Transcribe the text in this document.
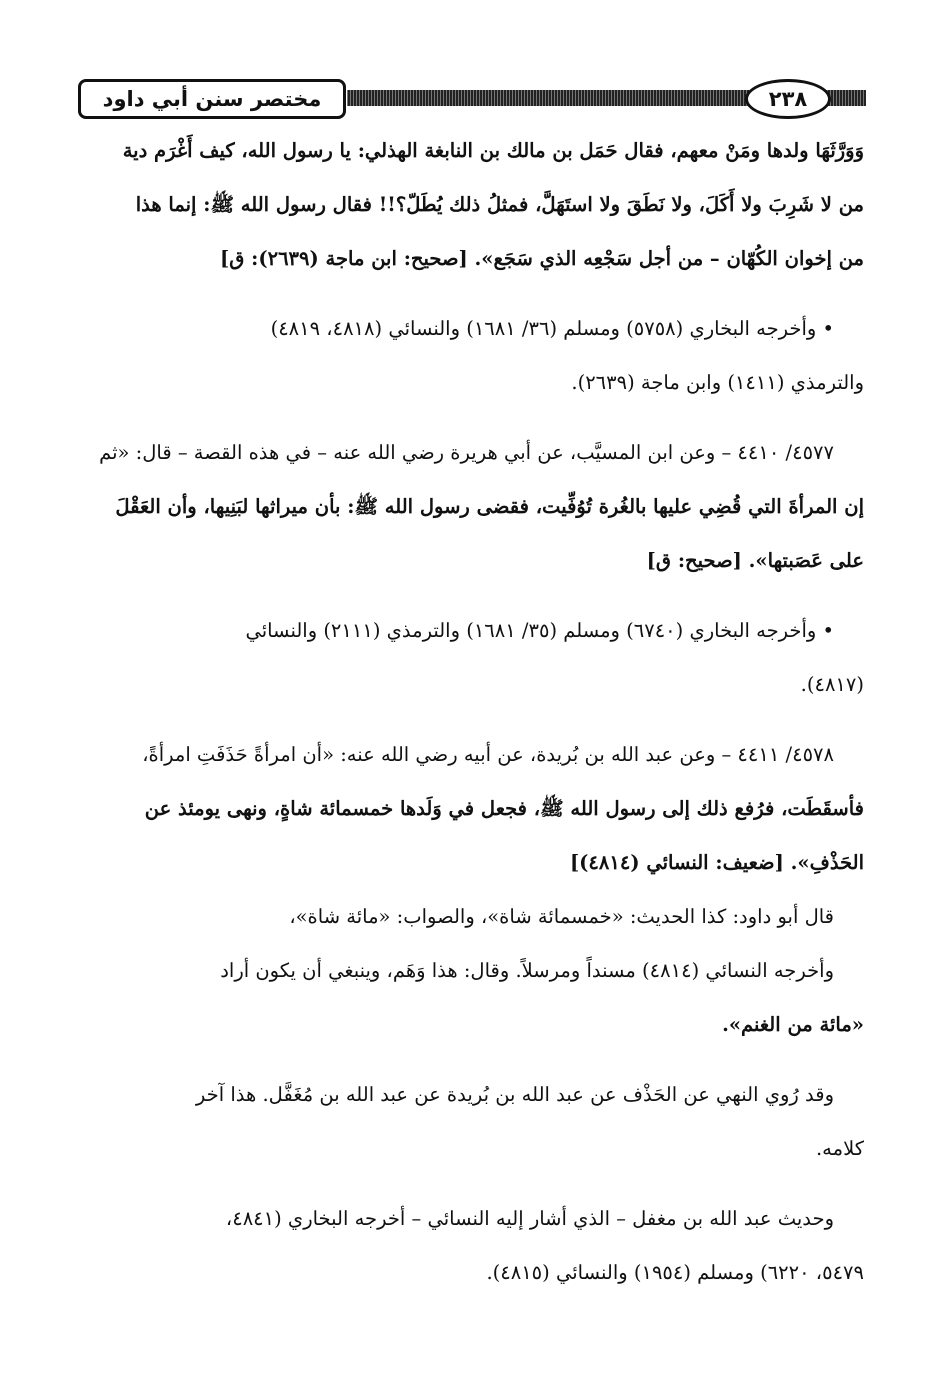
مختصر سنن أبي داود	٢٣٨
وَوَرَّثَهَا ولدها ومَنْ معهم، فقال حَمَل بن مالك بن النابغة الهذلي: يا رسول الله، كيف أَغْرَم دية
من لا شَرِبَ ولا أَكَلَ، ولا نَطَقَ ولا استَهَلَّ، فمثلُ ذلك يُطَلّ؟!! فقال رسول الله ﷺ: إنما هذا
من إخوان الكُهّان – من أجل سَجْعِه الذي سَجَع». [صحيح: ابن ماجة (٢٦٣٩): ق]
• وأخرجه البخاري (٥٧٥٨) ومسلم (٣٦/ ١٦٨١) والنسائي (٤٨١٨، ٤٨١٩)
والترمذي (١٤١١) وابن ماجة (٢٦٣٩).
٤٥٧٧/ ٤٤١٠ – وعن ابن المسيَّب، عن أبي هريرة رضي الله عنه – في هذه القصة – قال: «ثم
إن المرأةَ التي قُضِي عليها بالغُرة تُوُفِّيت، فقضى رسول الله ﷺ: بأن ميراثها لبَنِيها، وأن العَقْلَ
على عَصَبتها». [صحيح: ق]
• وأخرجه البخاري (٦٧٤٠) ومسلم (٣٥/ ١٦٨١) والترمذي (٢١١١) والنسائي
(٤٨١٧).
٤٥٧٨/ ٤٤١١ – وعن عبد الله بن بُريدة، عن أبيه رضي الله عنه: «أن امرأةً حَذَفَتِ امرأةً،
فأسقَطَت، فرُفع ذلك إلى رسول الله ﷺ، فجعل في وَلَدها خمسمائة شاةٍ، ونهى يومئذ عن
الحَذْفِ». [ضعيف: النسائي (٤٨١٤)]
قال أبو داود: كذا الحديث: «خمسمائة شاة»، والصواب: «مائة شاة»،
وأخرجه النسائي (٤٨١٤) مسنداً ومرسلاً. وقال: هذا وَهَم، وينبغي أن يكون أراد
«مائة من الغنم».
وقد رُوي النهي عن الحَذْف عن عبد الله بن بُريدة عن عبد الله بن مُغَفَّل. هذا آخر
كلامه.
وحديث عبد الله بن مغفل – الذي أشار إليه النسائي – أخرجه البخاري (٤٨٤١،
٥٤٧٩، ٦٢٢٠) ومسلم (١٩٥٤) والنسائي (٤٨١٥).
